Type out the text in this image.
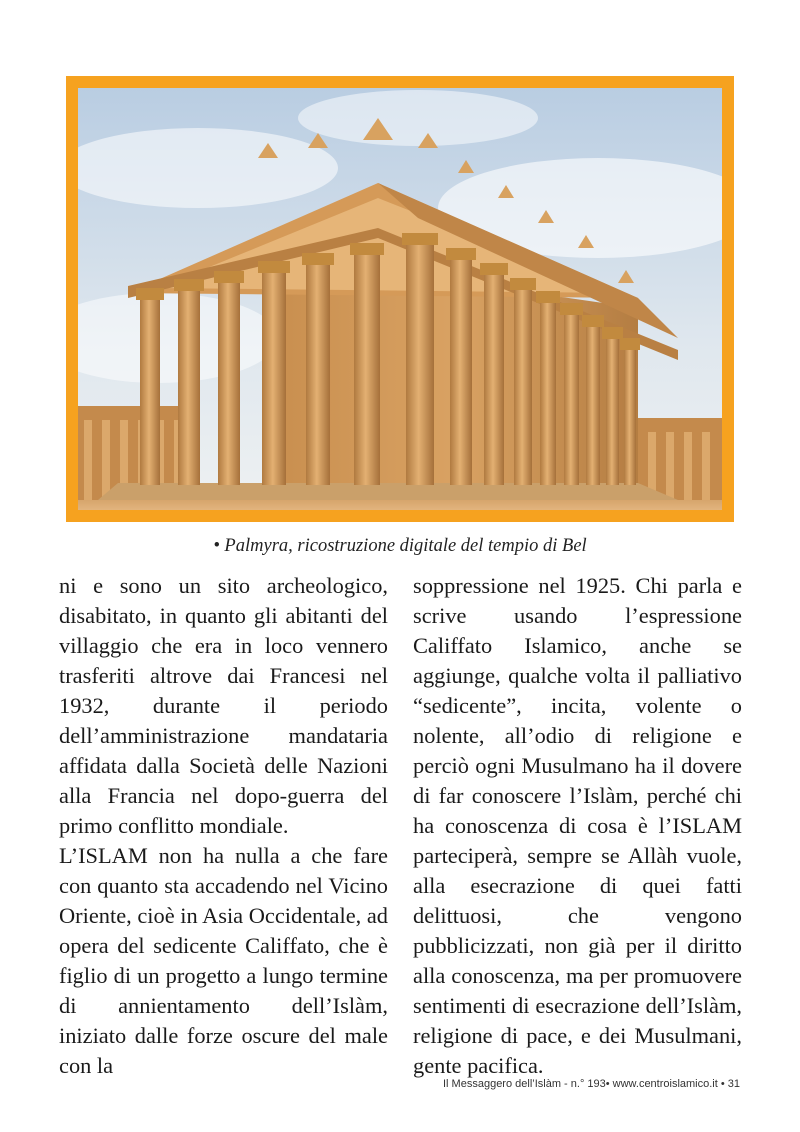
• Palmyra, ricostruzione digitale del tempio di Bel

ni e sono un sito archeologico, disabitato, in quanto gli abitanti del villaggio che era in loco vennero trasferiti altrove dai Francesi nel 1932, durante il periodo dell’amministrazione mandataria affidata dalla Società delle Nazioni alla Francia nel dopo-guerra del primo conflitto mondiale.

L’ISLAM non ha nulla a che fare con quanto sta accadendo nel Vicino Oriente, cioè in Asia Occidentale, ad opera del sedicente Califfato, che è figlio di un progetto a lungo termine di annientamento dell’Islàm, iniziato dalle forze oscure del male con la

soppressione nel 1925. Chi parla e scrive usando l’espressione Califfato Islamico, anche se aggiunge, qualche volta il palliativo “sedicente”, incita, volente o nolente, all’odio di religione e perciò ogni Musulmano ha il dovere di far conoscere l’Islàm, perché chi ha conoscenza di cosa è l’ISLAM parteciperà, sempre se Allàh vuole, alla esecrazione di quei fatti delittuosi, che vengono pubblicizzati, non già per il diritto alla conoscenza, ma per promuovere sentimenti di esecrazione dell’Islàm, religione di pace, e dei Musulmani, gente pacifica.

Il Messaggero dell’Islàm - n.° 193• www.centroislamico.it • 31
